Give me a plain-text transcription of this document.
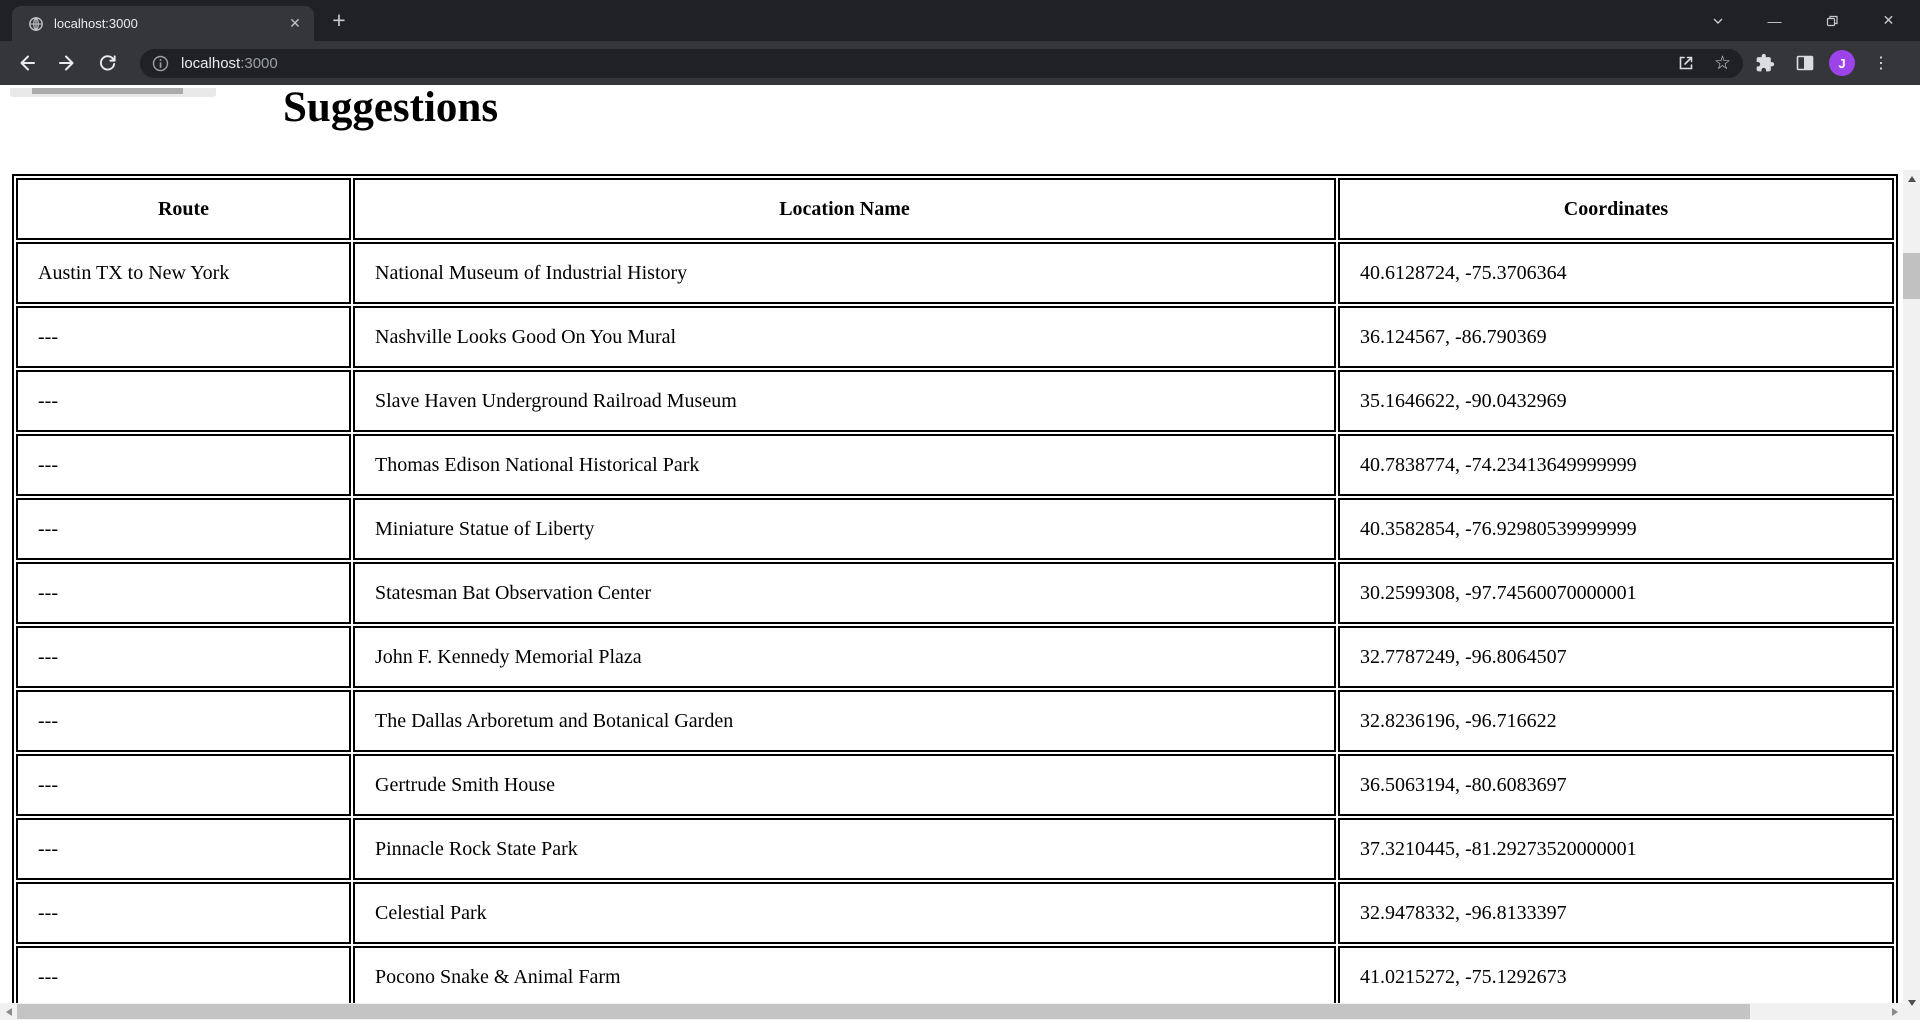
localhost:3000	✕ +	—	✕
localhost:3000	☆	J	⋮
Suggestions
Route	Location Name	Coordinates
Austin TX to New York	National Museum of Industrial History	40.6128724, -75.3706364
---	Nashville Looks Good On You Mural	36.124567, -86.790369
---	Slave Haven Underground Railroad Museum	35.1646622, -90.0432969
---	Thomas Edison National Historical Park	40.7838774, -74.23413649999999
---	Miniature Statue of Liberty	40.3582854, -76.92980539999999
---	Statesman Bat Observation Center	30.2599308, -97.74560070000001
---	John F. Kennedy Memorial Plaza	32.7787249, -96.8064507
---	The Dallas Arboretum and Botanical Garden	32.8236196, -96.716622
---	Gertrude Smith House	36.5063194, -80.6083697
---	Pinnacle Rock State Park	37.3210445, -81.29273520000001
---	Celestial Park	32.9478332, -96.8133397
---	Pocono Snake & Animal Farm	41.0215272, -75.1292673
